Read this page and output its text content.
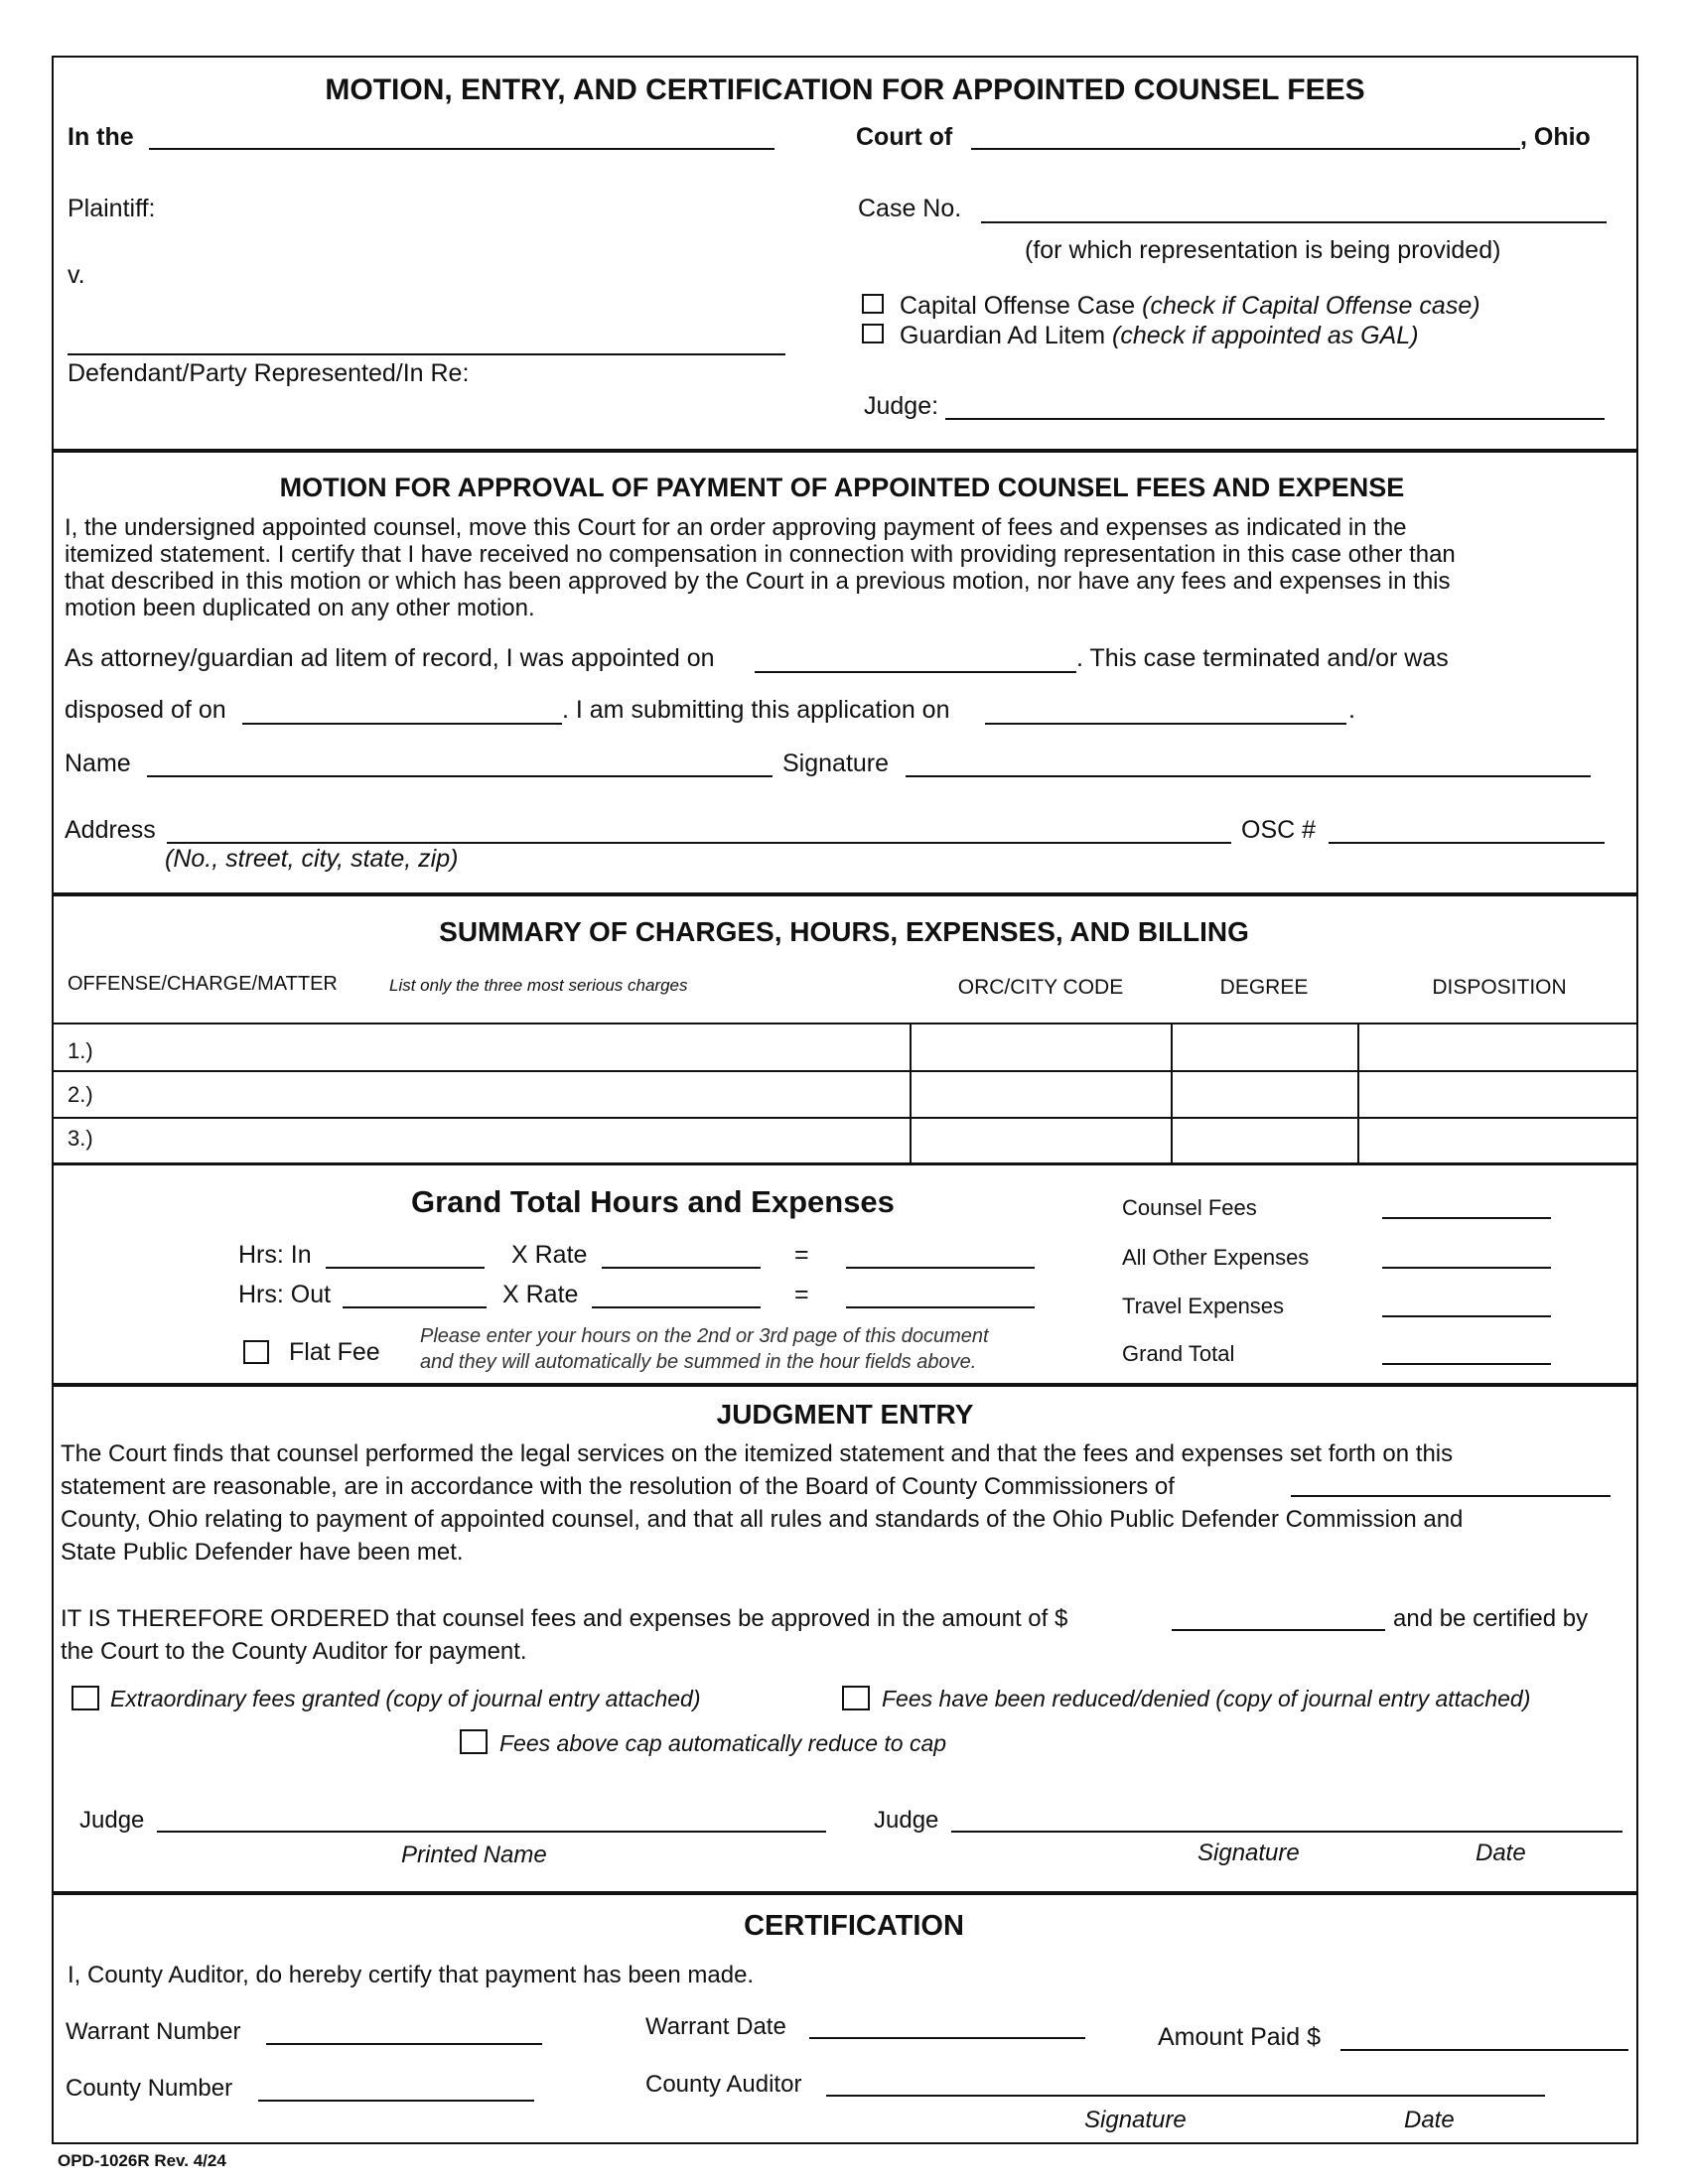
MOTION, ENTRY, AND CERTIFICATION FOR APPOINTED COUNSEL FEES
In the	Court of	, Ohio
Plaintiff:
v.
Defendant/Party Represented/In Re:
Case No.
(for which representation is being provided)
Capital Offense Case (check if Capital Offense case)
Guardian Ad Litem (check if appointed as GAL)
Judge:
MOTION FOR APPROVAL OF PAYMENT OF APPOINTED COUNSEL FEES AND EXPENSE
I, the undersigned appointed counsel, move this Court for an order approving payment of fees and expenses as indicated in the
itemized statement. I certify that I have received no compensation in connection with providing representation in this case other than
that described in this motion or which has been approved by the Court in a previous motion, nor have any fees and expenses in this
motion been duplicated on any other motion.
As attorney/guardian ad litem of record, I was appointed on	. This case terminated and/or was
disposed of on	. I am submitting this application on	.
Name	Signature
Address
(No., street, city, state, zip)
OSC #
SUMMARY OF CHARGES, HOURS, EXPENSES, AND BILLING
OFFENSE/CHARGE/MATTER	List only the three most serious charges	ORC/CITY CODE	DEGREE	DISPOSITION
1.)
2.)
3.)
Grand Total Hours and Expenses
Hrs: In	X Rate	=
Hrs: Out	X Rate	=
Flat Fee
Please enter your hours on the 2nd or 3rd page of this document
and they will automatically be summed in the hour fields above.
Counsel Fees
All Other Expenses
Travel Expenses
Grand Total
JUDGMENT ENTRY
The Court finds that counsel performed the legal services on the itemized statement and that the fees and expenses set forth on this
statement are reasonable, are in accordance with the resolution of the Board of County Commissioners of
County, Ohio relating to payment of appointed counsel, and that all rules and standards of the Ohio Public Defender Commission and
State Public Defender have been met.
IT IS THEREFORE ORDERED that counsel fees and expenses be approved in the amount of $	and be certified by
the Court to the County Auditor for payment.
Extraordinary fees granted (copy of journal entry attached)	Fees have been reduced/denied (copy of journal entry attached)
Fees above cap automatically reduce to cap
Judge
Printed Name
Judge
Signature	Date
CERTIFICATION
I, County Auditor, do hereby certify that payment has been made.
Warrant Number	Warrant Date	Amount Paid $
County Number	County Auditor
Signature	Date
OPD-1026R Rev. 4/24
